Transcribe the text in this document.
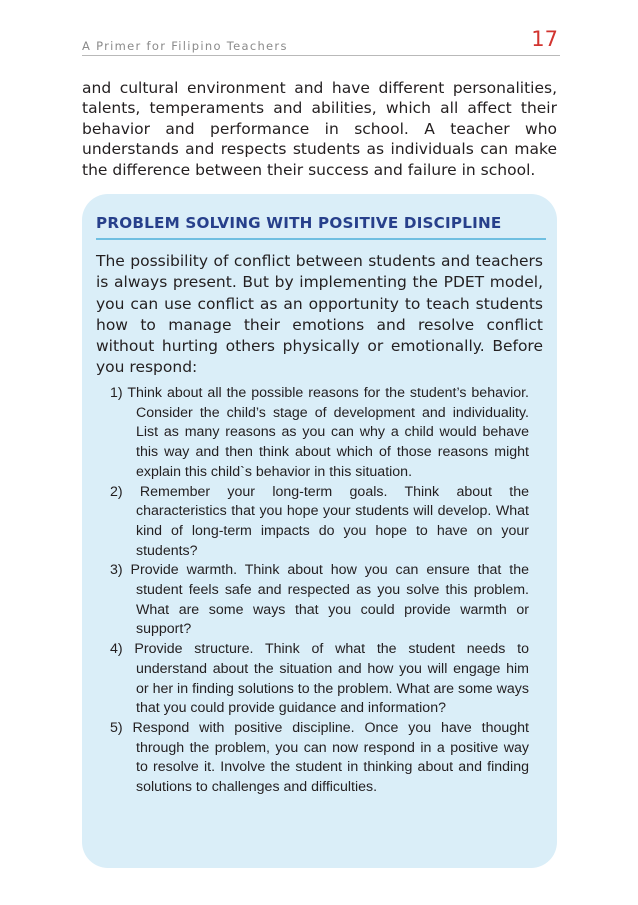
A Primer for Filipino Teachers	17

and cultural environment and have different personalities, talents, temperaments and abilities, which all affect their behavior and performance in school. A teacher who understands and respects students as individuals can make the difference between their success and failure in school.

PROBLEM SOLVING WITH POSITIVE DISCIPLINE

The possibility of conflict between students and teachers is always present. But by implementing the PDET model, you can use conflict as an opportunity to teach students how to manage their emotions and resolve conflict without hurting others physically or emotionally. Before you respond:

1) Think about all the possible reasons for the student’s behavior. Consider the child’s stage of development and individuality. List as many reasons as you can why a child would behave this way and then think about which of those reasons might explain this child`s behavior in this situation.
2) Remember your long-term goals. Think about the characteristics that you hope your students will develop. What kind of long-term impacts do you hope to have on your students?
3) Provide warmth. Think about how you can ensure that the student feels safe and respected as you solve this problem. What are some ways that you could provide warmth or support?
4) Provide structure. Think of what the student needs to understand about the situation and how you will engage him or her in finding solutions to the problem. What are some ways that you could provide guidance and information?
5) Respond with positive discipline. Once you have thought through the problem, you can now respond in a positive way to resolve it. Involve the student in thinking about and finding solutions to challenges and difficulties.
